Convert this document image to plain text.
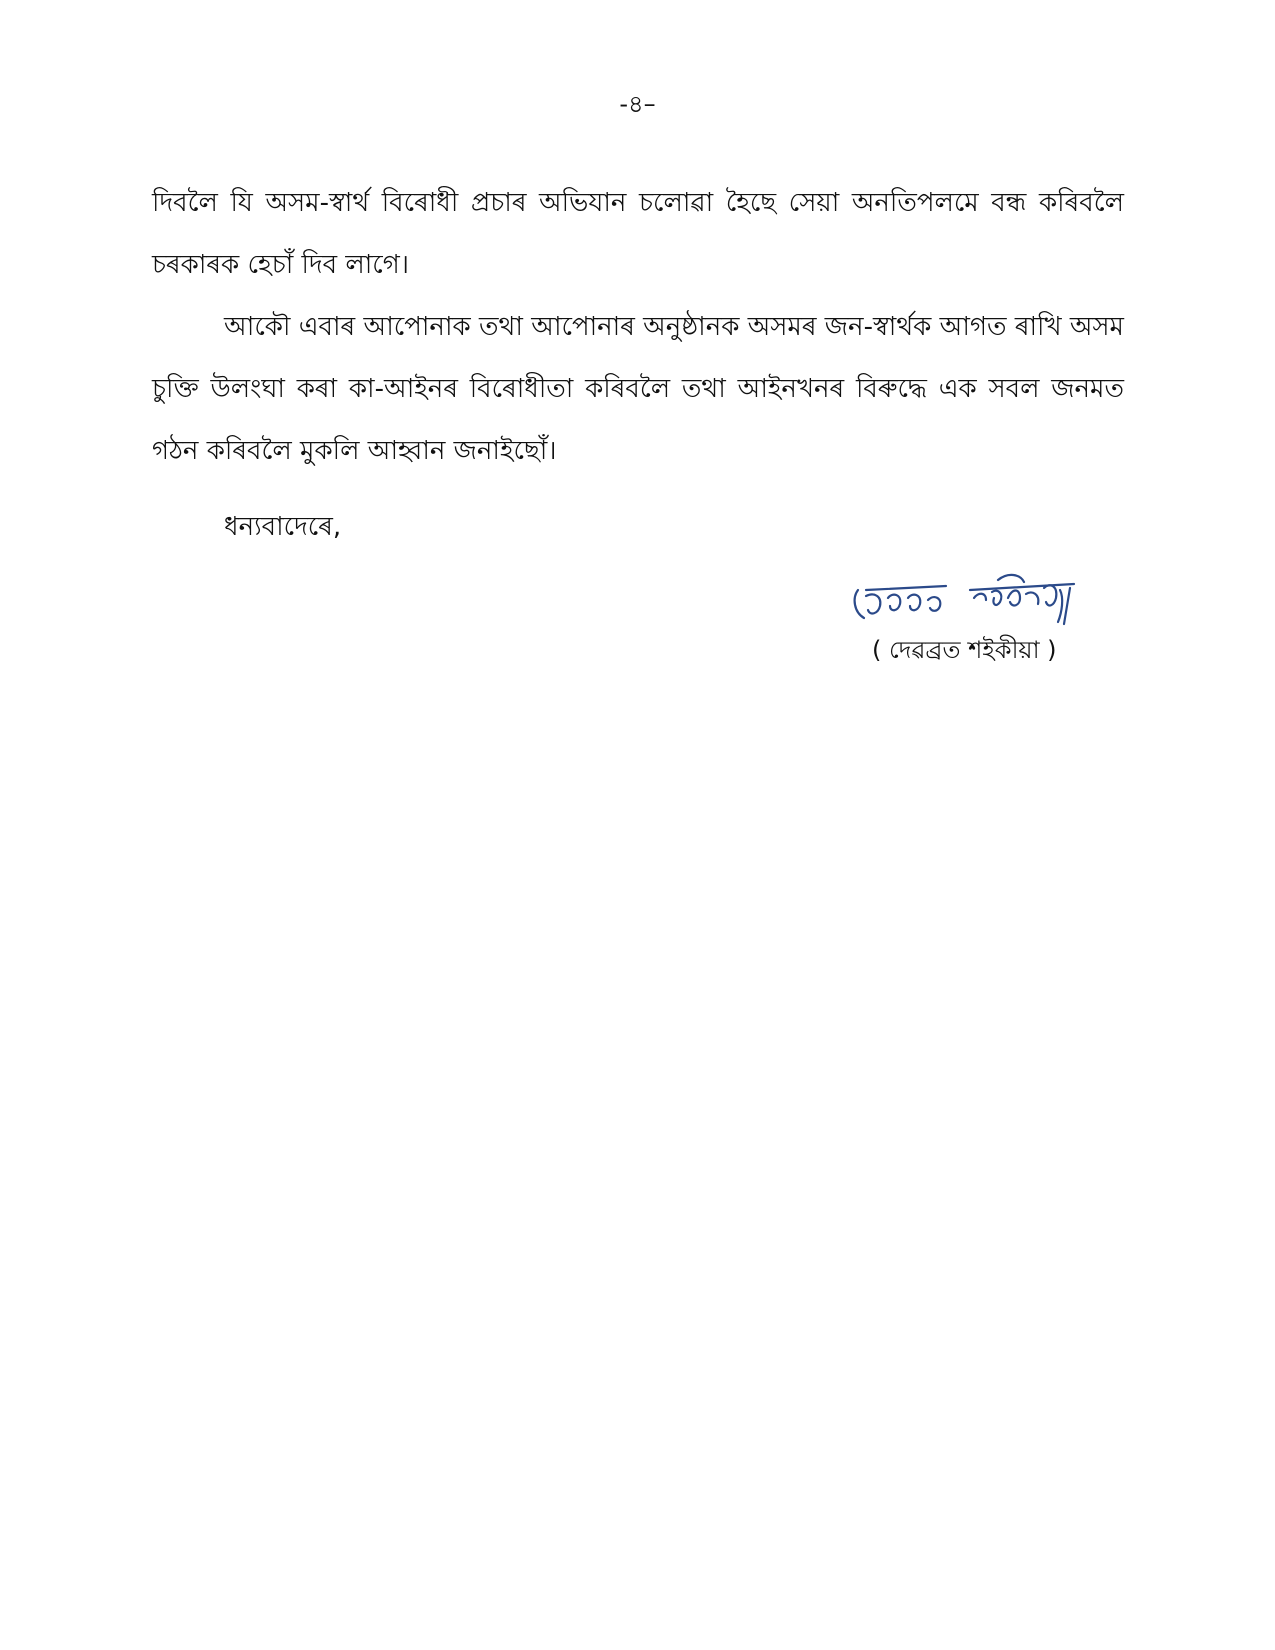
-৪–

দিবলৈ যি অসম-স্বাৰ্থ বিৰোধী প্ৰচাৰ অভিযান চলোৱা হৈছে সেয়া অনতিপলমে বন্ধ কৰিবলৈ চৰকাৰক হেচাঁ দিব লাগে।

আকৌ এবাৰ আপোনাক তথা আপোনাৰ অনুষ্ঠানক অসমৰ জন-স্বাৰ্থক আগত ৰাখি অসম চুক্তি উলংঘা কৰা কা-আইনৰ বিৰোধীতা কৰিবলৈ তথা আইনখনৰ বিৰুদ্ধে এক সবল জনমত গঠন কৰিবলৈ মুকলি আহ্বান জনাইছোঁ।

ধন্যবাদেৰে,
( দেৱব্ৰত শইকীয়া )
